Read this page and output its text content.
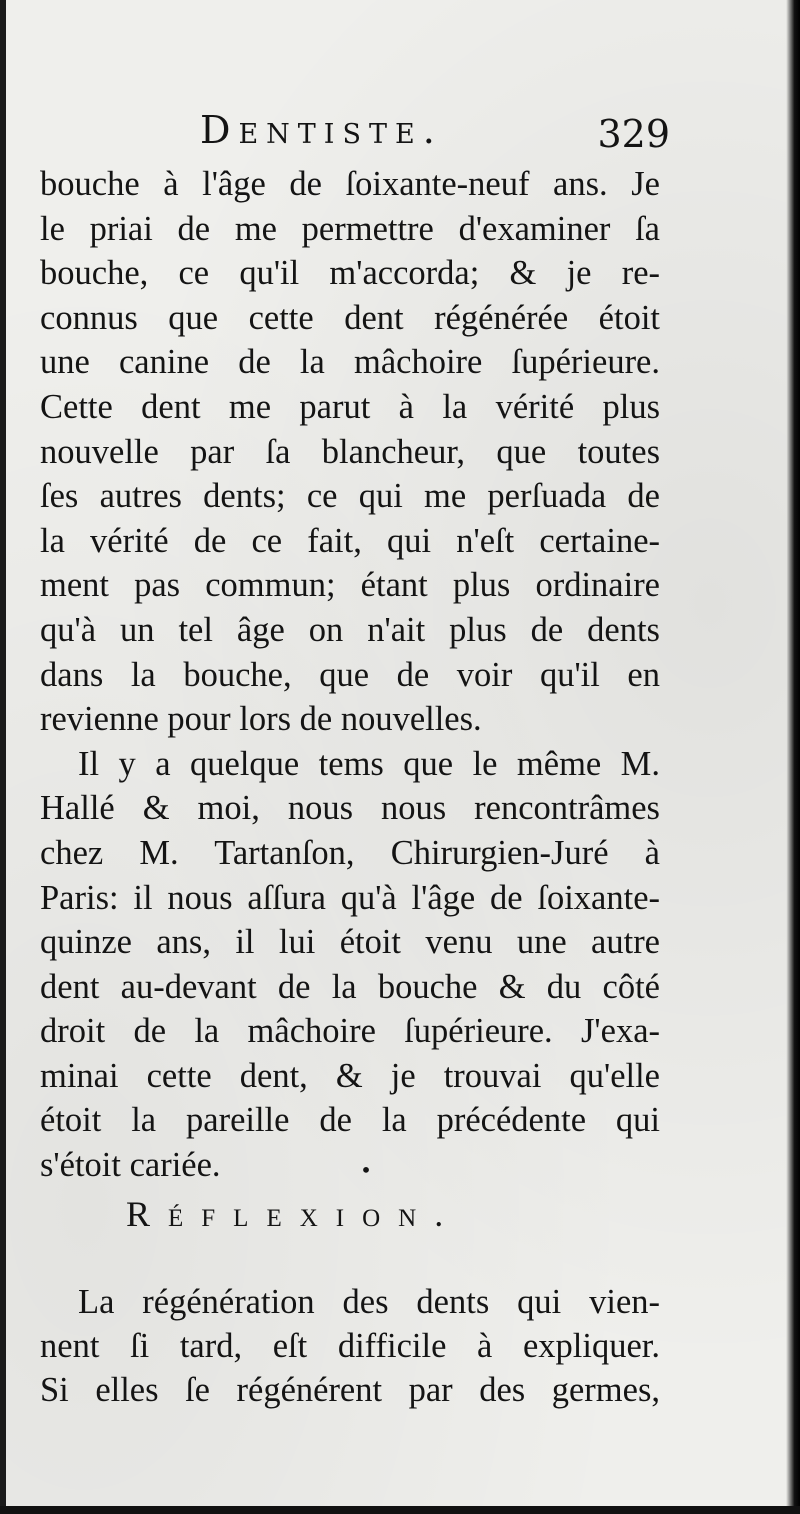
Dentiste.	329
bouche à l'âge de ſoixante-neuf ans. Je
le priai de me permettre d'examiner ſa
bouche, ce qu'il m'accorda; & je re-
connus que cette dent régénérée étoit
une canine de la mâchoire ſupérieure.
Cette dent me parut à la vérité plus
nouvelle par ſa blancheur, que toutes
ſes autres dents; ce qui me perſuada de
la vérité de ce fait, qui n'eſt certaine-
ment pas commun; étant plus ordinaire
qu'à un tel âge on n'ait plus de dents
dans la bouche, que de voir qu'il en
revienne pour lors de nouvelles.
Il y a quelque tems que le même M.
Hallé & moi, nous nous rencontrâmes
chez M. Tartanſon, Chirurgien-Juré à
Paris: il nous aſſura qu'à l'âge de ſoixante-
quinze ans, il lui étoit venu une autre
dent au-devant de la bouche & du côté
droit de la mâchoire ſupérieure. J'exa-
minai cette dent, & je trouvai qu'elle
étoit la pareille de la précédente qui
s'étoit cariée.	•
Réflexion.
La régénération des dents qui vien-
nent ſi tard, eſt difficile à expliquer.
Si elles ſe régénérent par des germes,
